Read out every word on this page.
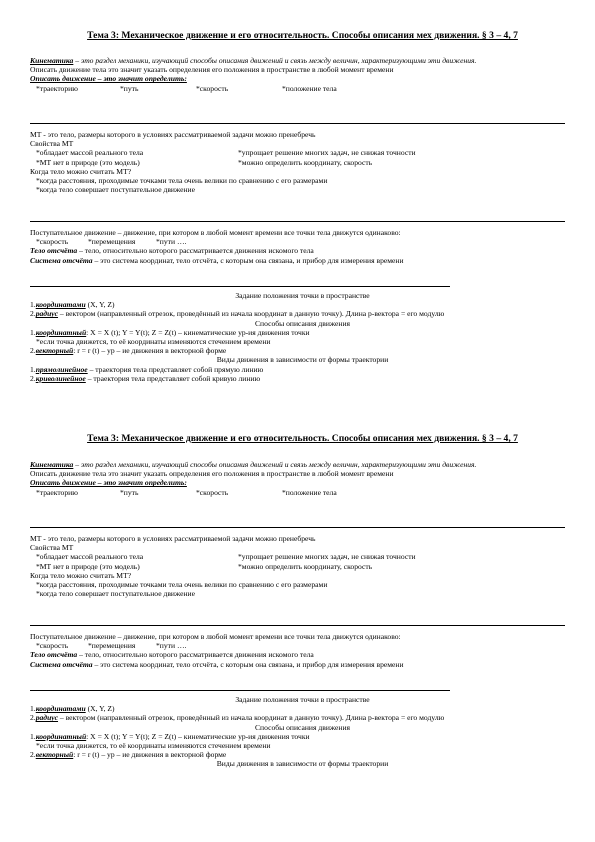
Тема 3: Механическое движение и его относительность. Способы описания мех движения. § 3 – 4, 7
Кинематика – это раздел механики, изучающий способы описания движений и связь между величин, характеризующими эти движения.
Описать движение тела это значит указать определения его положения в пространстве в любой момент времени
Описать движение – это значит определить:
*траекторию	*путь	*скорость	*положение тела
МТ - это тело, размеры которого в условиях рассматриваемой задачи можно пренебречь
Свойства МТ
*обладает массой реального тела	*упрощает решение многих задач, не снижая точности
*МТ нет в природе (это модель)	*можно определить координату, скорость
Когда тело можно считать МТ?
*когда расстояния, проходимые точками тела очень велики по сравнению с его размерами
*когда тело совершает поступательное движение
Поступательное движение – движение, при котором в любой момент времени все точки тела движутся одинаково:
*скорость	*перемещения	*пути ….
Тело отсчёта – тело, относительно которого рассматривается движения искомого тела
Система отсчёта – это система координат, тело отсчёта, с которым она связана, и прибор для измерения времени
Задание положения точки в пространстве
1.координатами (X, Y, Z)
2.радиус – вектором (направленный отрезок, проведённый из начала координат в данную точку). Длина р-вектора = его модулю
Способы описания движения
1.координатный: X = X (t); Y = Y(t); Z = Z(t) – кинематические ур-ия движения точки
*если точка движется, то её координаты изменяются стечением времени
2.векторный: r = r (t) – ур – ие движения в векторной форме
Виды движения в зависимости от формы траектории
1.прямолинейное – траектория тела представляет собой прямую линию
2.криволинейное – траектория тела представляет собой кривую линию
Тема 3: Механическое движение и его относительность. Способы описания мех движения. § 3 – 4, 7
Кинематика – это раздел механики, изучающий способы описания движений и связь между величин, характеризующими эти движения.
Описать движение тела это значит указать определения его положения в пространстве в любой момент времени
Описать движение – это значит определить:
*траекторию	*путь	*скорость	*положение тела
МТ - это тело, размеры которого в условиях рассматриваемой задачи можно пренебречь
Свойства МТ
*обладает массой реального тела	*упрощает решение многих задач, не снижая точности
*МТ нет в природе (это модель)	*можно определить координату, скорость
Когда тело можно считать МТ?
*когда расстояния, проходимые точками тела очень велики по сравнению с его размерами
*когда тело совершает поступательное движение
Поступательное движение – движение, при котором в любой момент времени все точки тела движутся одинаково:
*скорость	*перемещения	*пути ….
Тело отсчёта – тело, относительно которого рассматривается движения искомого тела
Система отсчёта – это система координат, тело отсчёта, с которым она связана, и прибор для измерения времени
Задание положения точки в пространстве
1.координатами (X, Y, Z)
2.радиус – вектором (направленный отрезок, проведённый из начала координат в данную точку). Длина р-вектора = его модулю
Способы описания движения
1.координатный: X = X (t); Y = Y(t); Z = Z(t) – кинематические ур-ия движения точки
*если точка движется, то её координаты изменяются стечением времени
2.векторный: r = r (t) – ур – ие движения в векторной форме
Виды движения в зависимости от формы траектории
